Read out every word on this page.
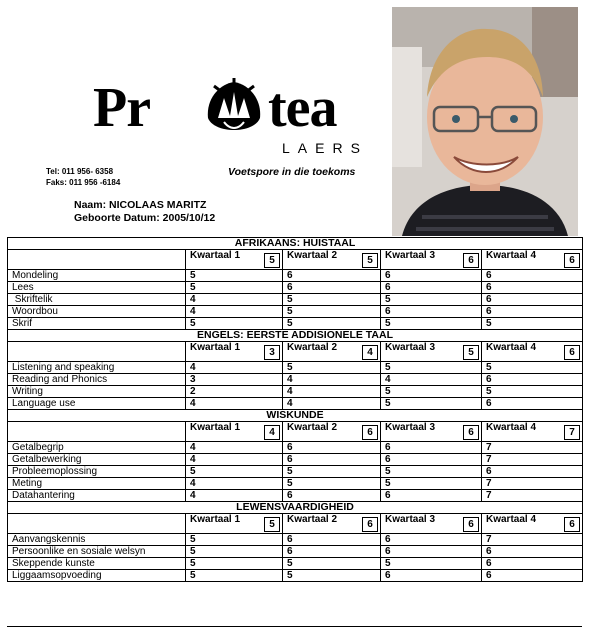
Pr tea
LAERS
Voetspore in die toekoms
Tel: 011 956- 6358
Faks: 011 956 -6184
Naam: NICOLAAS MARITZ
Geboorte Datum: 2005/10/12
AFRIKAANS: HUISTAAL				
	Kwartaal 1 5	Kwartaal 2 5	Kwartaal 3 6	Kwartaal 4 6

Mondeling	5	6	6	6
Lees	5	6	6	6
Skriftelik	4	5	5	6
Woordbou	4	5	6	6
Skrif	5	5	5	5
ENGELS: EERSTE ADDISIONELE TAAL				
	Kwartaal 1 3	Kwartaal 2 4	Kwartaal 3 5	Kwartaal 4 6

Listening and speaking	4	5	5	5
Reading and Phonics	3	4	4	6
Writing	2	4	5	5
Language use	4	4	5	6
WISKUNDE				
	Kwartaal 1 4	Kwartaal 2 6	Kwartaal 3 6	Kwartaal 4 7

Getalbegrip	4	6	6	7
Getalbewerking	4	6	6	7
Probleemoplossing	5	5	5	6
Meting	4	5	5	7
Datahantering	4	6	6	7
LEWENSVAARDIGHEID				
	Kwartaal 1 5	Kwartaal 2 6	Kwartaal 3 6	Kwartaal 4 6

Aanvangskennis	5	6	6	7
Persoonlike en sosiale welsyn	5	6	6	6
Skeppende kunste	5	5	5	6
Liggaamsopvoeding	5	5	6	6
